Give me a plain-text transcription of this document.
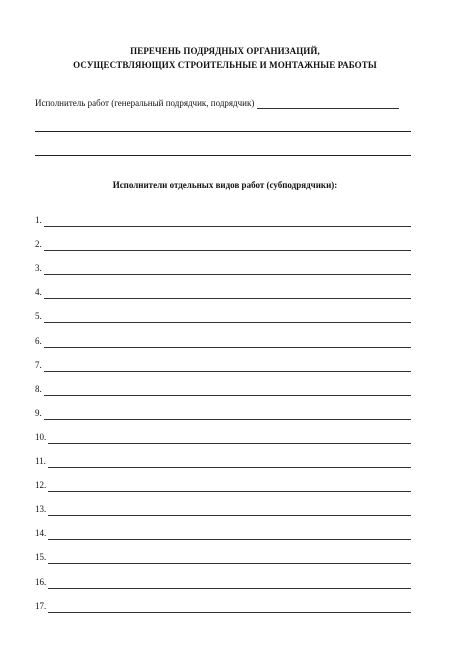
ПЕРЕЧЕНЬ ПОДРЯДНЫХ ОРГАНИЗАЦИЙ,
ОСУЩЕСТВЛЯЮЩИХ СТРОИТЕЛЬНЫЕ И МОНТАЖНЫЕ РАБОТЫ
Исполнитель работ (генеральный подрядчик, подрядчик)
Исполнители отдельных видов работ (субподрядчики):
1.
2.
3.
4.
5.
6.
7.
8.
9.
10.
11.
12.
13.
14.
15.
16.
17.
